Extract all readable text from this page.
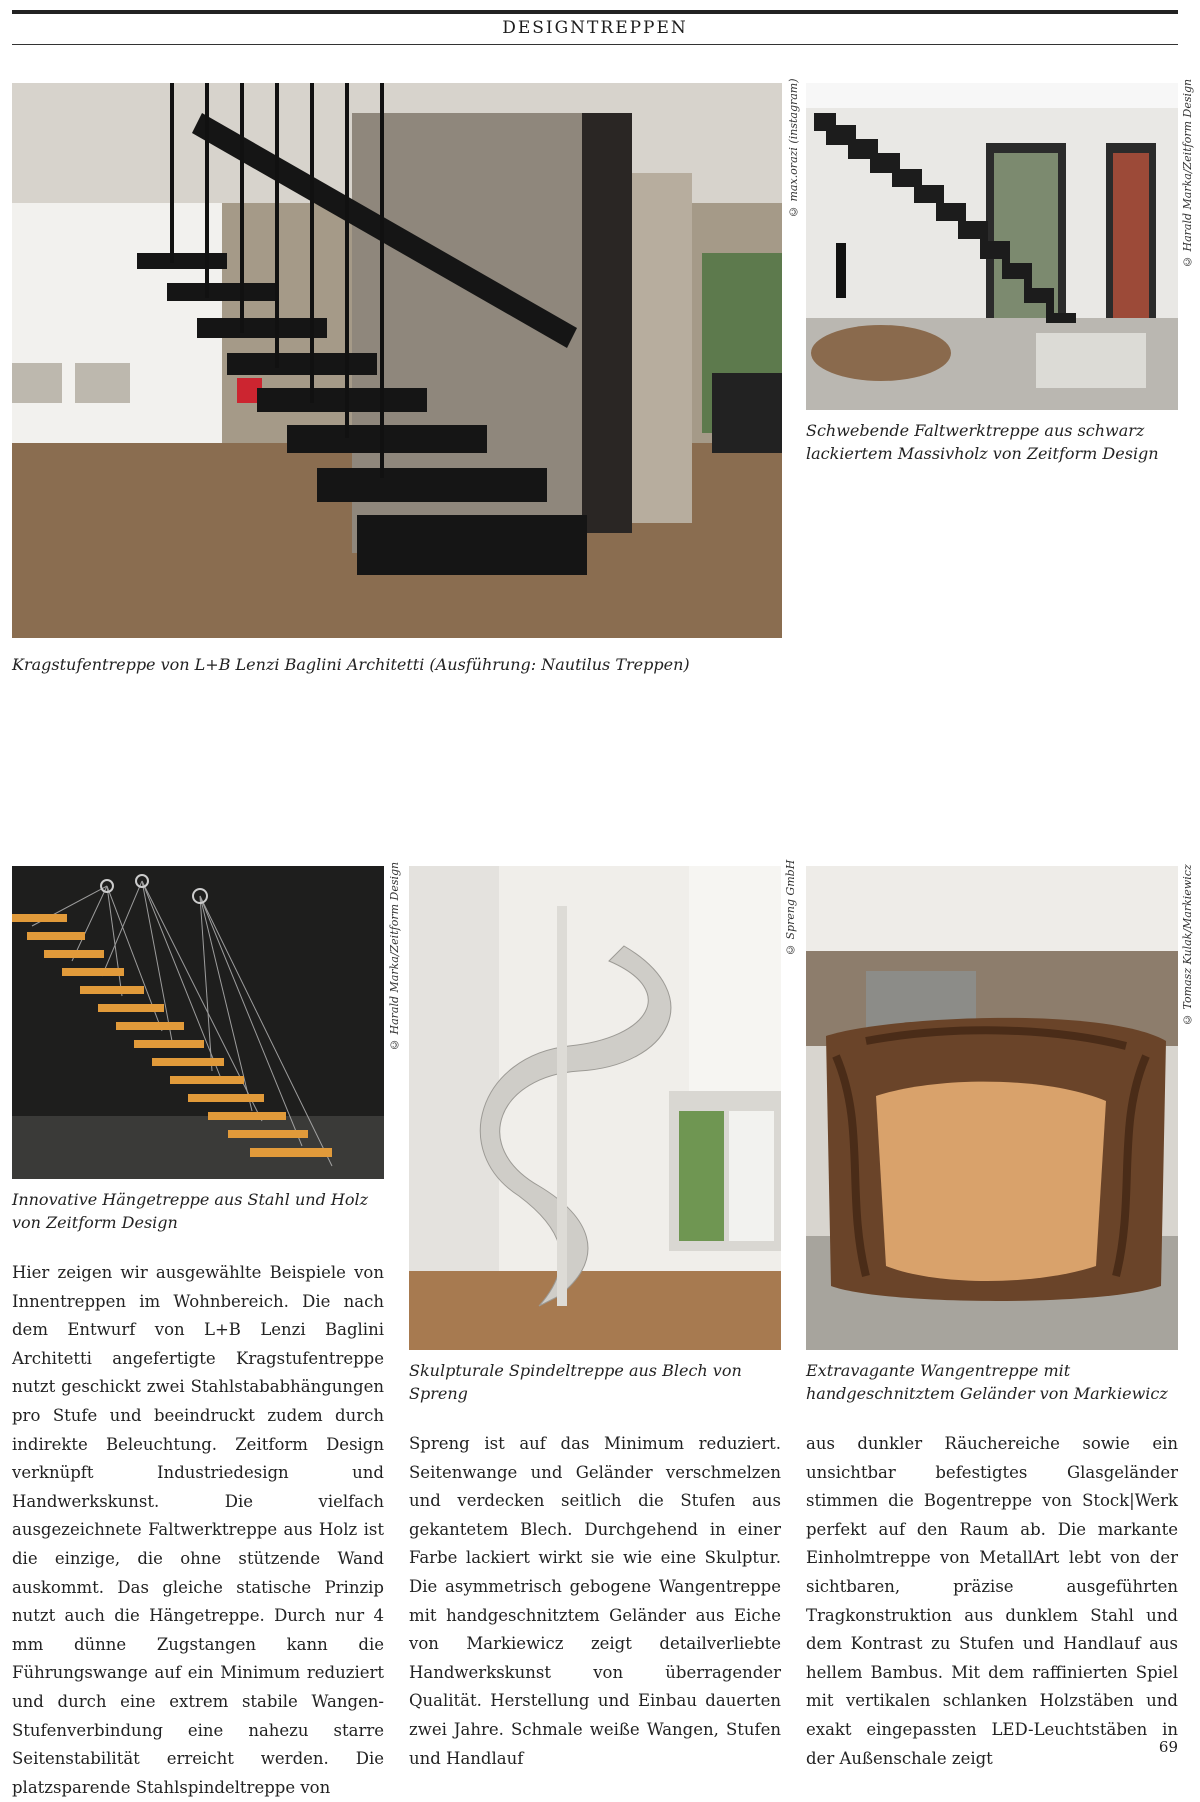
DESIGNTREPPEN
© max.orazi (instagram)
Kragstufentreppe von L+B Lenzi Baglini Architetti (Ausführung: Nautilus Treppen)
© Harald Marka/Zeitform Design
Schwebende Faltwerktreppe aus schwarz lackiertem Massivholz von Zeitform Design
© Harald Marka/Zeitform Design
Innovative Hängetreppe aus Stahl und Holz von Zeitform Design
© Spreng GmbH
Skulpturale Spindeltreppe aus Blech von Spreng
© Tomasz Kulak/Markiewicz
Extravagante Wangentreppe mit handgeschnitztem Geländer von Markiewicz
Hier zeigen wir ausgewählte Beispiele von Innentreppen im Wohnbereich. Die nach dem Entwurf von L+B Lenzi Baglini Architetti angefertigte Kragstufentreppe nutzt geschickt zwei Stahlstababhängungen pro Stufe und beeindruckt zudem durch indirekte Beleuchtung. Zeitform Design verknüpft Industriedesign und Handwerkskunst. Die vielfach ausgezeichnete Faltwerktreppe aus Holz ist die einzige, die ohne stützende Wand auskommt. Das gleiche statische Prinzip nutzt auch die Hängetreppe. Durch nur 4 mm dünne Zugstangen kann die Führungswange auf ein Minimum reduziert und durch eine extrem stabile Wangen-Stufenverbindung eine nahezu starre Seitenstabilität erreicht werden. Die platzsparende Stahlspindeltreppe von
Spreng ist auf das Minimum reduziert. Seitenwange und Geländer verschmelzen und verdecken seitlich die Stufen aus gekantetem Blech. Durchgehend in einer Farbe lackiert wirkt sie wie eine Skulptur. Die asymmetrisch gebogene Wangentreppe mit handgeschnitztem Geländer aus Eiche von Markiewicz zeigt detailverliebte Handwerkskunst von überragender Qualität. Herstellung und Einbau dauerten zwei Jahre. Schmale weiße Wangen, Stufen und Handlauf
aus dunkler Räuchereiche sowie ein unsichtbar befestigtes Glasgeländer stimmen die Bogentreppe von Stock|Werk perfekt auf den Raum ab. Die markante Einholmtreppe von MetallArt lebt von der sichtbaren, präzise ausgeführten Tragkonstruktion aus dunklem Stahl und dem Kontrast zu Stufen und Handlauf aus hellem Bambus. Mit dem raffinierten Spiel mit vertikalen schlanken Holzstäben und exakt eingepassten LED-Leuchtstäben in der Außenschale zeigt
69
